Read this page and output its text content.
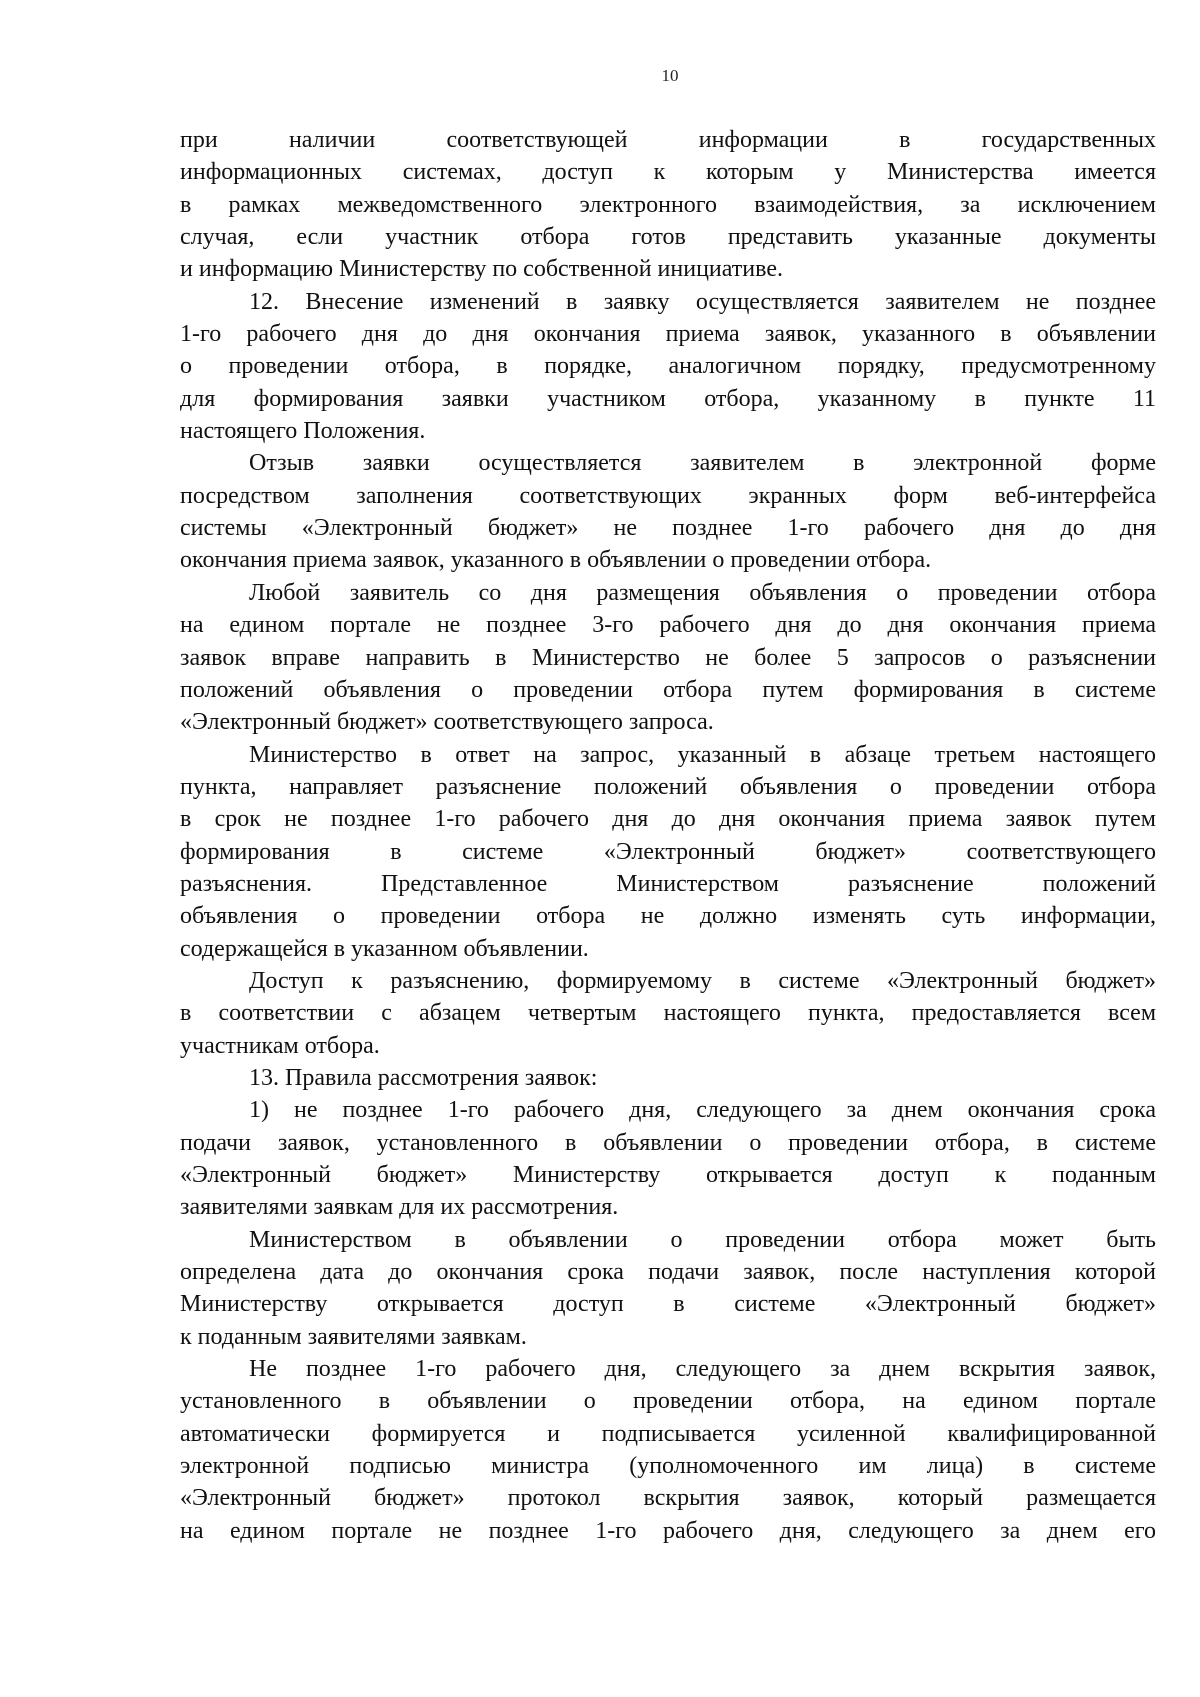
10
при наличии соответствующей информации в государственных
информационных системах, доступ к которым у Министерства имеется
в рамках межведомственного электронного взаимодействия, за исключением
случая, если участник отбора готов представить указанные документы
и информацию Министерству по собственной инициативе.
12. Внесение изменений в заявку осуществляется заявителем не позднее
1-го рабочего дня до дня окончания приема заявок, указанного в объявлении
о проведении отбора, в порядке, аналогичном порядку, предусмотренному
для формирования заявки участником отбора, указанному в пункте 11
настоящего Положения.
Отзыв заявки осуществляется заявителем в электронной форме
посредством заполнения соответствующих экранных форм веб-интерфейса
системы «Электронный бюджет» не позднее 1-го рабочего дня до дня
окончания приема заявок, указанного в объявлении о проведении отбора.
Любой заявитель со дня размещения объявления о проведении отбора
на едином портале не позднее 3-го рабочего дня до дня окончания приема
заявок вправе направить в Министерство не более 5 запросов о разъяснении
положений объявления о проведении отбора путем формирования в системе
«Электронный бюджет» соответствующего запроса.
Министерство в ответ на запрос, указанный в абзаце третьем настоящего
пункта, направляет разъяснение положений объявления о проведении отбора
в срок не позднее 1-го рабочего дня до дня окончания приема заявок путем
формирования в системе «Электронный бюджет» соответствующего
разъяснения. Представленное Министерством разъяснение положений
объявления о проведении отбора не должно изменять суть информации,
содержащейся в указанном объявлении.
Доступ к разъяснению, формируемому в системе «Электронный бюджет»
в соответствии с абзацем четвертым настоящего пункта, предоставляется всем
участникам отбора.
13. Правила рассмотрения заявок:
1) не позднее 1-го рабочего дня, следующего за днем окончания срока
подачи заявок, установленного в объявлении о проведении отбора, в системе
«Электронный бюджет» Министерству открывается доступ к поданным
заявителями заявкам для их рассмотрения.
Министерством в объявлении о проведении отбора может быть
определена дата до окончания срока подачи заявок, после наступления которой
Министерству открывается доступ в системе «Электронный бюджет»
к поданным заявителями заявкам.
Не позднее 1-го рабочего дня, следующего за днем вскрытия заявок,
установленного в объявлении о проведении отбора, на едином портале
автоматически формируется и подписывается усиленной квалифицированной
электронной подписью министра (уполномоченного им лица) в системе
«Электронный бюджет» протокол вскрытия заявок, который размещается
на едином портале не позднее 1-го рабочего дня, следующего за днем его
